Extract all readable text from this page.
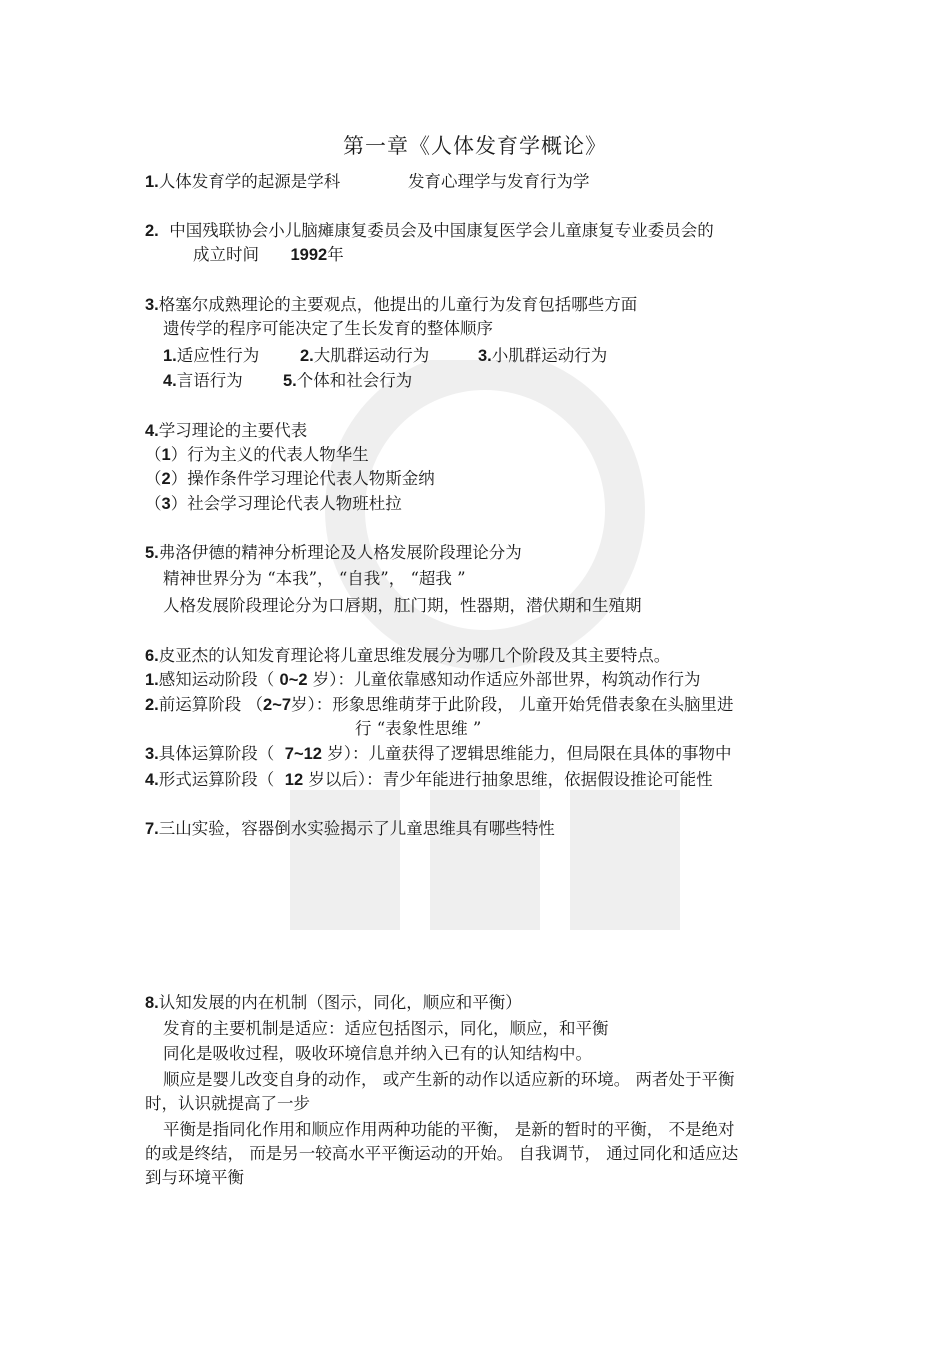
第一章《人体发育学概论》
1.人体发育学的起源是学科	发育心理学与发育行为学
2. 中国残联协会小儿脑瘫康复委员会及中国康复医学会儿童康复专业委员会的
成立时间 1992年
3.格塞尔成熟理论的主要观点，他提出的儿童行为发育包括哪些方面
遗传学的程序可能决定了生长发育的整体顺序
1.适应性行为 2.大肌群运动行为	3.小肌群运动行为
4.言语行为 5.个体和社会行为
4.学习理论的主要代表
（1）行为主义的代表人物华生
（2）操作条件学习理论代表人物斯金纳
（3）社会学习理论代表人物班杜拉
5.弗洛伊德的精神分析理论及人格发展阶段理论分为
精神世界分为 “本我”， “自我”， “超我 ”
人格发展阶段理论分为口唇期，肛门期，性器期，潜伏期和生殖期
6.皮亚杰的认知发育理论将儿童思维发展分为哪几个阶段及其主要特点。
1.感知运动阶段（ 0~2 岁）：儿童依靠感知动作适应外部世界，构筑动作行为
2.前运算阶段 （2~7岁）：形象思维萌芽于此阶段， 儿童开始凭借表象在头脑里进
行 “表象性思维 ”
3.具体运算阶段（  7~12 岁）：儿童获得了逻辑思维能力，但局限在具体的事物中
4.形式运算阶段（  12 岁以后）：青少年能进行抽象思维，依据假设推论可能性
7.三山实验，容器倒水实验揭示了儿童思维具有哪些特性
8.认知发展的内在机制（图示，同化，顺应和平衡）
发育的主要机制是适应：适应包括图示，同化，顺应，和平衡
同化是吸收过程，吸收环境信息并纳入已有的认知结构中。
顺应是婴儿改变自身的动作， 或产生新的动作以适应新的环境。 两者处于平衡
时，认识就提高了一步
平衡是指同化作用和顺应作用两种功能的平衡， 是新的暂时的平衡， 不是绝对
的或是终结， 而是另一较高水平平衡运动的开始。 自我调节， 通过同化和适应达
到与环境平衡
